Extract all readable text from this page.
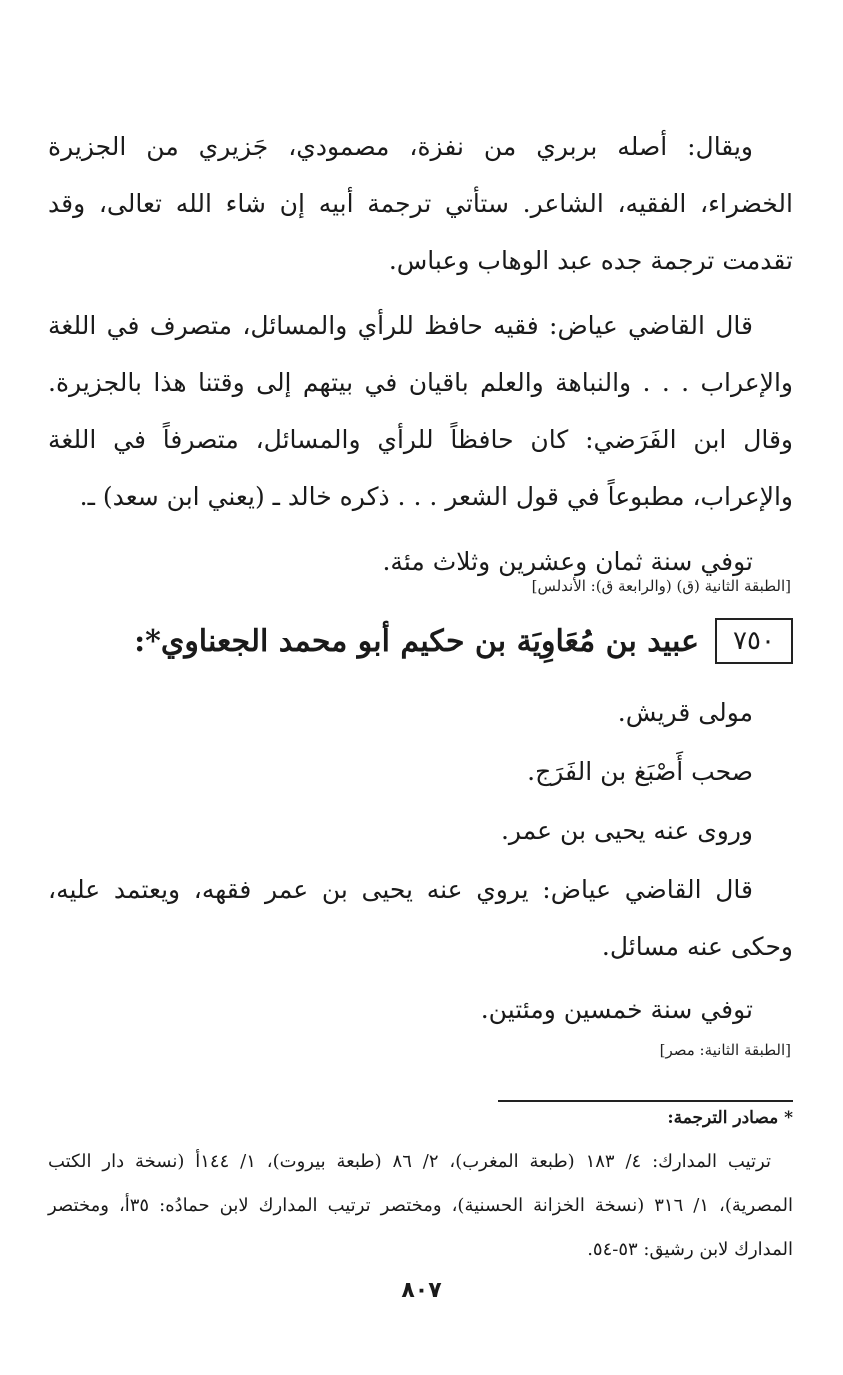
ويقال: أصله بربري من نفزة، مصمودي، جَزيري من الجزيرة الخضراء، الفقيه، الشاعر. ستأتي ترجمة أبيه إن شاء الله تعالى، وقد تقدمت ترجمة جده عبد الوهاب وعباس.

قال القاضي عياض: فقيه حافظ للرأي والمسائل، متصرف في اللغة والإعراب . . . والنباهة والعلم باقيان في بيتهم إلى وقتنا هذا بالجزيرة. وقال ابن الفَرَضي: كان حافظاً للرأي والمسائل، متصرفاً في اللغة والإعراب، مطبوعاً في قول الشعر . . . ذكره خالد ـ (يعني ابن سعد) ـ.

توفي سنة ثمان وعشرين وثلاث مئة.

[الطبقة الثانية (ق) (والرابعة ق): الأندلس]
٧٥٠
عبيد بن مُعَاوِيَة بن حكيم أبو محمد الجعناوي*:

مولى قريش.

صحب أَصْبَغ بن الفَرَج.

وروى عنه يحيى بن عمر.

قال القاضي عياض: يروي عنه يحيى بن عمر فقهه، ويعتمد عليه، وحكى عنه مسائل.

توفي سنة خمسين ومئتين.

[الطبقة الثانية: مصر]
* مصادر الترجمة:

ترتيب المدارك: ٤/ ١٨٣ (طبعة المغرب)، ٢/ ٨٦ (طبعة بيروت)، ١/ ١٤٤أ (نسخة دار الكتب المصرية)، ١/ ٣١٦ (نسخة الخزانة الحسنية)، ومختصر ترتيب المدارك لابن حمادُه: ٣٥أ، ومختصر المدارك لابن رشيق: ٥٣-٥٤.

٨٠٧
